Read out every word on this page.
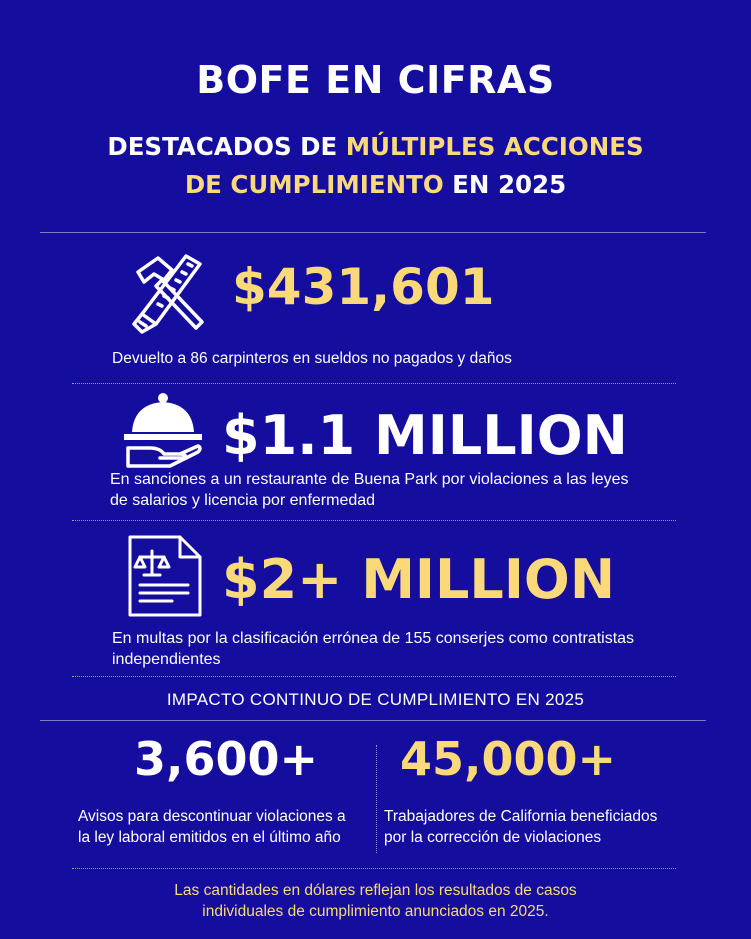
BOFE EN CIFRAS
DESTACADOS DE MÚLTIPLES ACCIONES
DE CUMPLIMIENTO EN 2025
$431,601
Devuelto a 86 carpinteros en sueldos no pagados y daños
$1.1 MILLION
En sanciones a un restaurante de Buena Park por violaciones a las leyes
de salarios y licencia por enfermedad
$2+ MILLION
En multas por la clasificación errónea de 155 conserjes como contratistas
independientes
IMPACTO CONTINUO DE CUMPLIMIENTO EN 2025
3,600+
Avisos para descontinuar violaciones a
la ley laboral emitidos en el último año
45,000+
Trabajadores de California beneficiados
por la corrección de violaciones
Las cantidades en dólares reflejan los resultados de casos
individuales de cumplimiento anunciados en 2025.
